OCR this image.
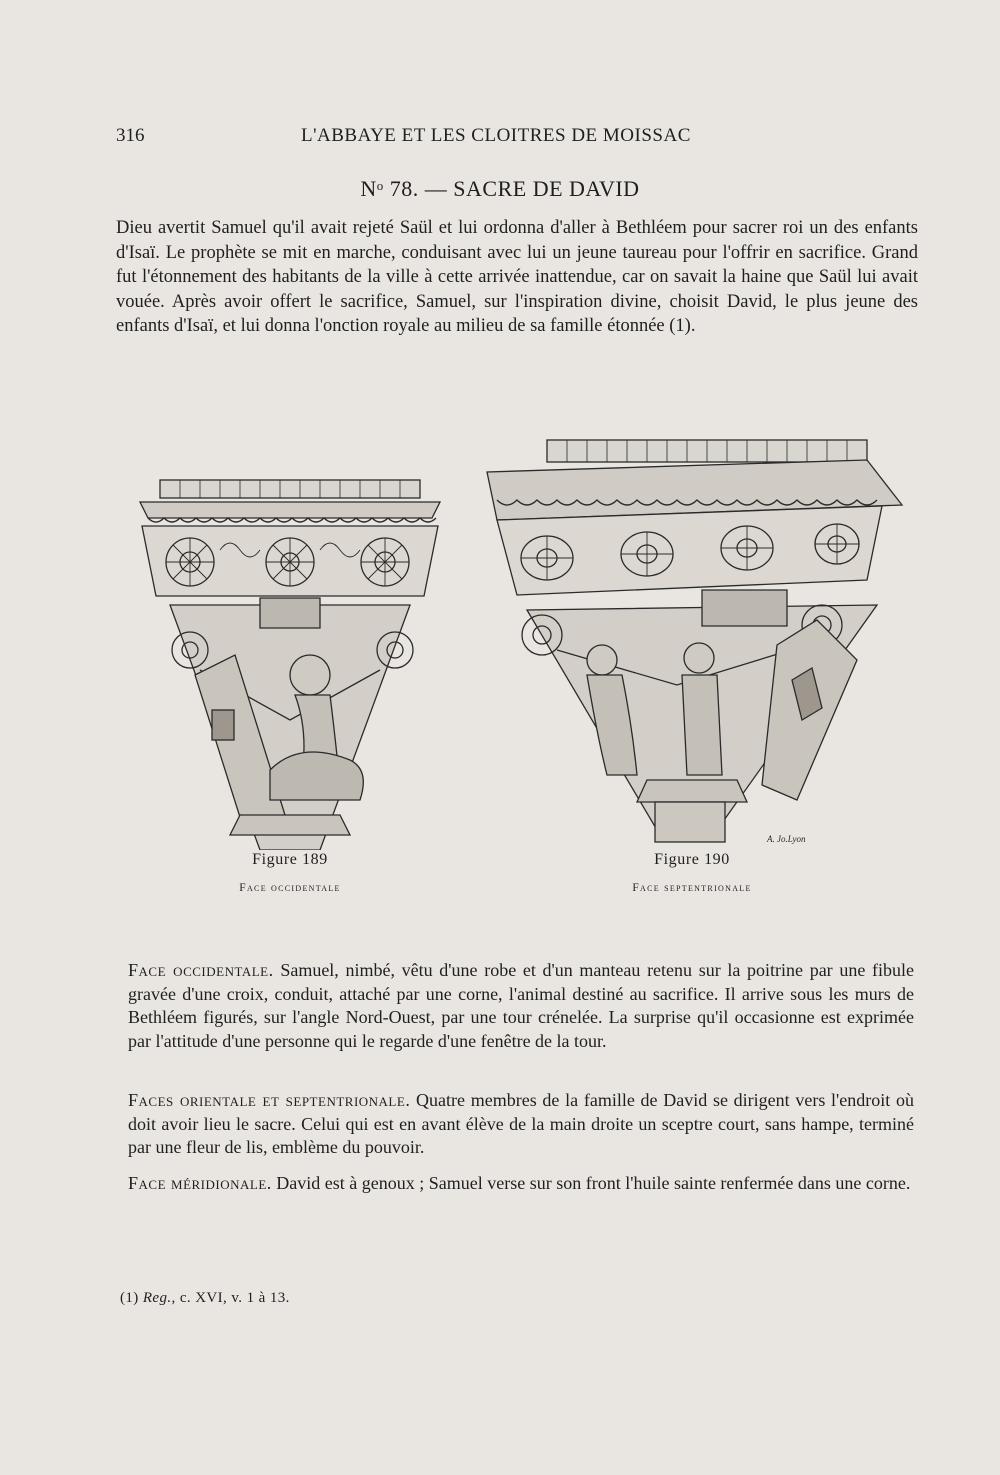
316	L'ABBAYE ET LES CLOITRES DE MOISSAC
$N^o$ 78. — SACRE DE DAVID

Dieu avertit Samuel qu'il avait rejeté Saül et lui ordonna d'aller à Bethléem pour sacrer roi un des enfants d'Isaï. Le prophète se mit en marche, conduisant avec lui un jeune taureau pour l'offrir en sacrifice. Grand fut l'étonnement des habitants de la ville à cette arrivée inattendue, car on savait la haine que Saül lui avait vouée. Après avoir offert le sacrifice, Samuel, sur l'inspiration divine, choisit David, le plus jeune des enfants d'Isaï, et lui donna l'onction royale au milieu de sa famille étonnée (1).

Figure 189
Face occidentale
A. Jo.Lyon
Figure 190
Face septentrionale
Face occidentale. Samuel, nimbé, vêtu d'une robe et d'un manteau retenu sur la poitrine par une fibule gravée d'une croix, conduit, attaché par une corne, l'animal destiné au sacrifice. Il arrive sous les murs de Bethléem figurés, sur l'angle Nord-Ouest, par une tour crénelée. La surprise qu'il occasionne est exprimée par l'attitude d'une personne qui le regarde d'une fenêtre de la tour.
Faces orientale et septentrionale. Quatre membres de la famille de David se dirigent vers l'endroit où doit avoir lieu le sacre. Celui qui est en avant élève de la main droite un sceptre court, sans hampe, terminé par une fleur de lis, emblème du pouvoir.
Face méridionale. David est à genoux ; Samuel verse sur son front l'huile sainte renfermée dans une corne.
(1) Reg., c. XVI, v. 1 à 13.
